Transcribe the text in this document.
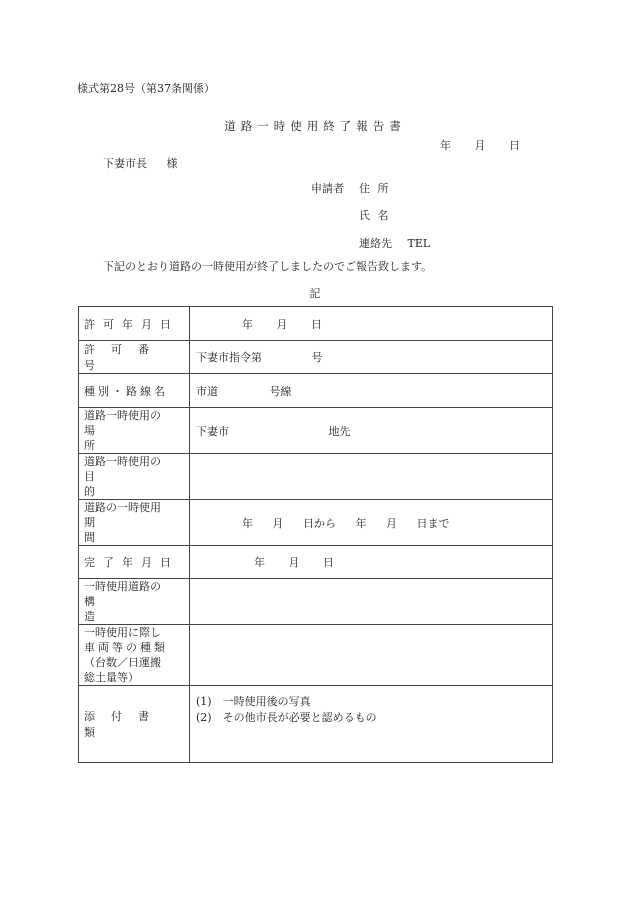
様式第28号（第37条関係）
道路一時使用終了報告書
年 月 日
下妻市長 様
申請者 住 所
氏 名
連絡先 TEL
下記のとおり道路の一時使用が終了しましたのでご報告致します。
記
許可年月日	年 月 日
許可番号	下妻市指令第 号
種別・路線名	市道 号線

道路一時使用の
場所	下妻市 地先

道路一時使用の
目的	

道路の一時使用
期間	年 月 日から 年 月 日まで
完了年月日	年 月 日

一時使用道路の
構造	

一時使用に際し
車両等の種類
（台数／日運搬
総土量等）	

添付書類	(1)　一時使用後の写真
(2)　その他市長が必要と認めるもの
